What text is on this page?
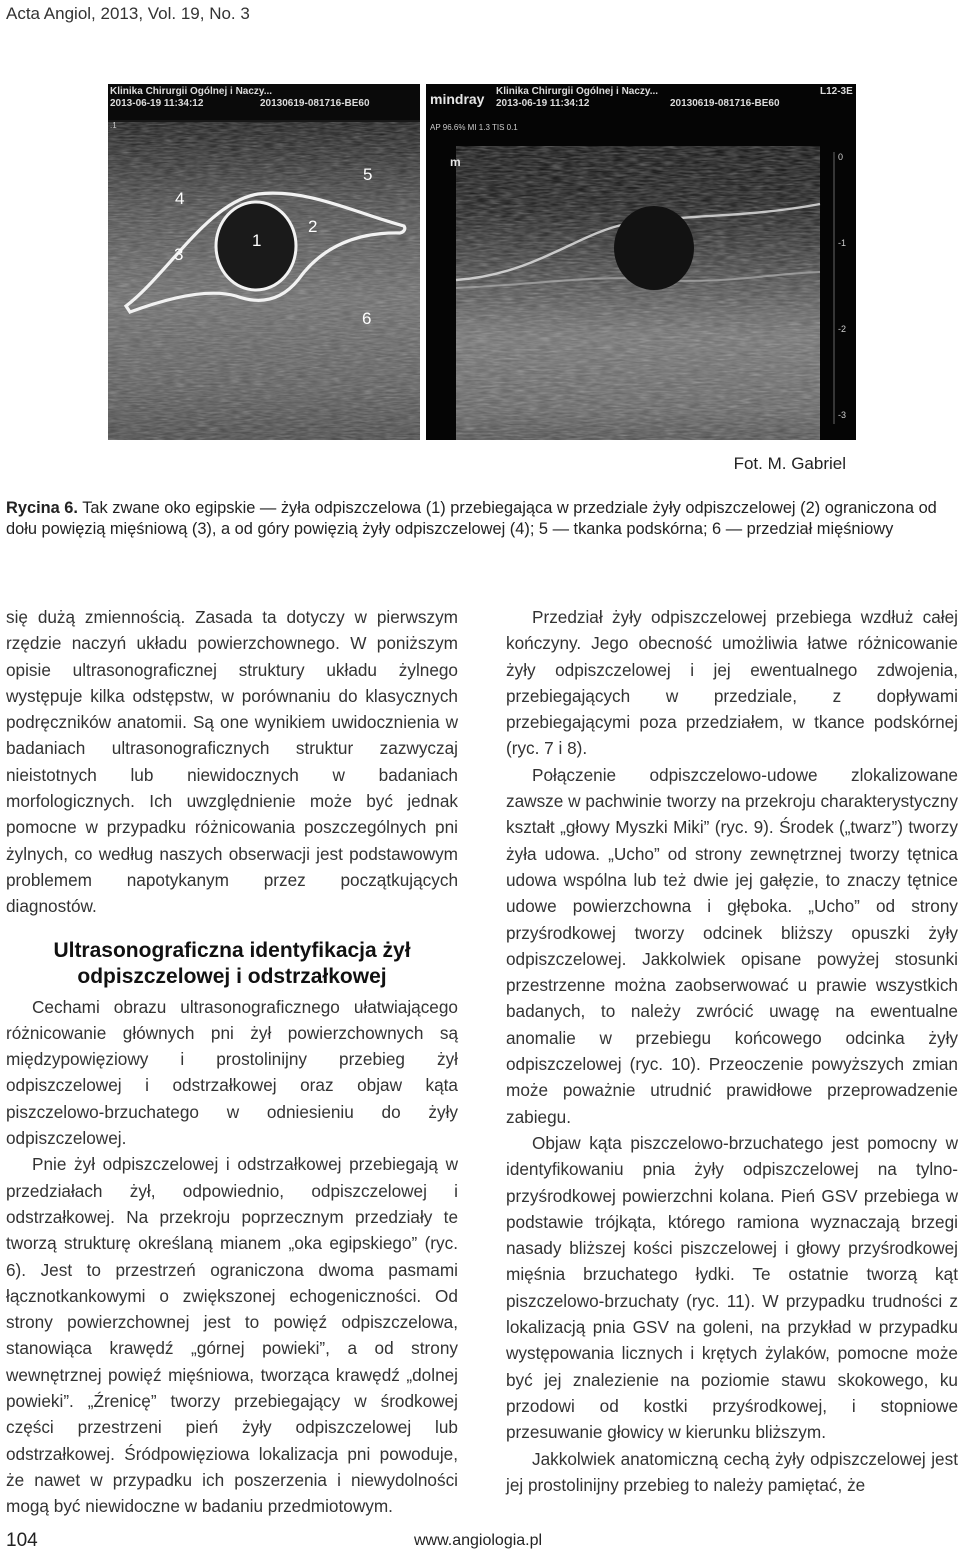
Acta Angiol, 2013, Vol. 19, No. 3
Klinika Chirurgii Ogólnej i Naczy...
2013-06-19 11:34:12	20130619-081716-BE60
.1
5
4
2
1
3
6
mindray Klinika Chirurgii Ogólnej i Naczy...
2013-06-19 11:34:12	20130619-081716-BE60
L12-3E
AP 96.6% MI 1.3 TIS 0.1
m	0
-1
-2
-3
Fot. M. Gabriel
Rycina 6. Tak zwane oko egipskie — żyła odpiszczelowa (1) przebiegająca w przedziale żyły odpiszczelowej (2) ograniczona od dołu powięzią mięśniową (3), a od góry powięzią żyły odpiszczelowej (4); 5 — tkanka podskórna; 6 — przedział mięśniowy

się dużą zmiennością. Zasada ta dotyczy w pierwszym rzędzie naczyń układu powierzchownego. W poniższym opisie ultrasonograficznej struktury układu żylnego występuje kilka odstępstw, w porównaniu do klasycznych podręczników anatomii. Są one wynikiem uwidocznienia w badaniach ultrasonograficznych struktur zazwyczaj nieistotnych lub niewidocznych w badaniach morfologicznych. Ich uwzględnienie może być jednak pomocne w przypadku różnicowania poszczególnych pni żylnych, co według naszych obserwacji jest podstawowym problemem napotykanym przez początkujących diagnostów.

Ultrasonograficzna identyfikacja żył odpiszczelowej i odstrzałkowej

Cechami obrazu ultrasonograficznego ułatwiającego różnicowanie głównych pni żył powierzchownych są międzypowięziowy i prostolinijny przebieg żył odpiszczelowej i odstrzałkowej oraz objaw kąta piszczelowo-brzuchatego w odniesieniu do żyły odpiszczelowej.

Pnie żył odpiszczelowej i odstrzałkowej przebiegają w przedziałach żył, odpowiednio, odpiszczelowej i odstrzałkowej. Na przekroju poprzecznym przedziały te tworzą strukturę określaną mianem „oka egipskiego” (ryc. 6). Jest to przestrzeń ograniczona dwoma pasmami łącznotkankowymi o zwiększonej echogeniczności. Od strony powierzchownej jest to powięź odpiszczelowa, stanowiąca krawędź „górnej powieki”, a od strony wewnętrznej powięź mięśniowa, tworząca krawędź „dolnej powieki”. „Źrenicę” tworzy przebiegający w środkowej części przestrzeni pień żyły odpiszczelowej lub odstrzałkowej. Śródpowięziowa lokalizacja pni powoduje, że nawet w przypadku ich poszerzenia i niewydolności mogą być niewidoczne w badaniu przedmiotowym.

Przedział żyły odpiszczelowej przebiega wzdłuż całej kończyny. Jego obecność umożliwia łatwe różnicowanie żyły odpiszczelowej i jej ewentualnego zdwojenia, przebiegających w przedziale, z dopływami przebiegającymi poza przedziałem, w tkance podskórnej (ryc. 7 i 8).

Połączenie odpiszczelowo-udowe zlokalizowane zawsze w pachwinie tworzy na przekroju charakterystyczny kształt „głowy Myszki Miki” (ryc. 9). Środek („twarz”) tworzy żyła udowa. „Ucho” od strony zewnętrznej tworzy tętnica udowa wspólna lub też dwie jej gałęzie, to znaczy tętnice udowe powierzchowna i głęboka. „Ucho” od strony przyśrodkowej tworzy odcinek bliższy opuszki żyły odpiszczelowej. Jakkolwiek opisane powyżej stosunki przestrzenne można zaobserwować u prawie wszystkich badanych, to należy zwrócić uwagę na ewentualne anomalie w przebiegu końcowego odcinka żyły odpiszczelowej (ryc. 10). Przeoczenie powyższych zmian może poważnie utrudnić prawidłowe przeprowadzenie zabiegu.

Objaw kąta piszczelowo-brzuchatego jest pomocny w identyfikowaniu pnia żyły odpiszczelowej na tylno-przyśrodkowej powierzchni kolana. Pień GSV przebiega w podstawie trójkąta, którego ramiona wyznaczają brzegi nasady bliższej kości piszczelowej i głowy przyśrodkowej mięśnia brzuchatego łydki. Te ostatnie tworzą kąt piszczelowo-brzuchaty (ryc. 11). W przypadku trudności z lokalizacją pnia GSV na goleni, na przykład w przypadku występowania licznych i krętych żylaków, pomocne może być jej znalezienie na poziomie stawu skokowego, ku przodowi od kostki przyśrodkowej, i stopniowe przesuwanie głowicy w kierunku bliższym.

Jakkolwiek anatomiczną cechą żyły odpiszczelowej jest jej prostolinijny przebieg to należy pamiętać, że

104	www.angiologia.pl
